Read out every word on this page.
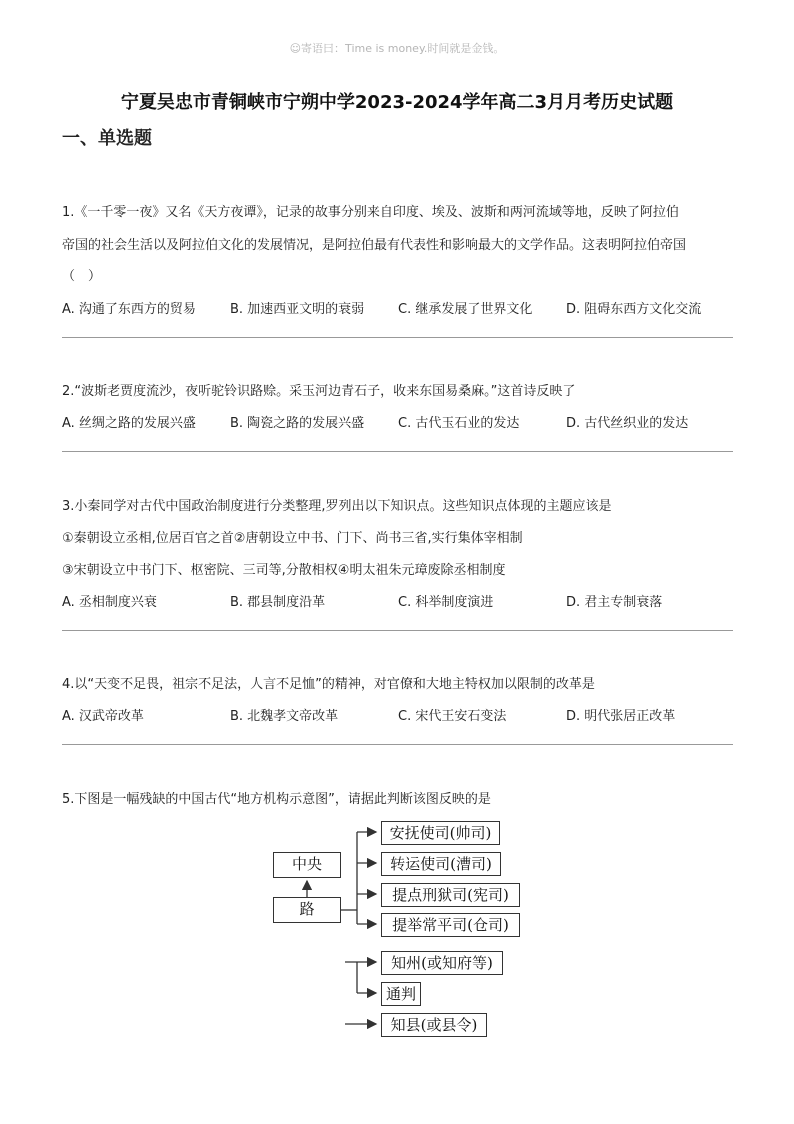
☺寄语曰：Time is money.时间就是金钱。
宁夏吴忠市青铜峡市宁朔中学2023-2024学年高二3月月考历史试题
一、单选题
1.《一千零一夜》又名《天方夜谭》，记录的故事分别来自印度、埃及、波斯和两河流域等地，反映了阿拉伯
帝国的社会生活以及阿拉伯文化的发展情况，是阿拉伯最有代表性和影响最大的文学作品。这表明阿拉伯帝国
（　）
A. 沟通了东西方的贸易	B. 加速西亚文明的衰弱	C. 继承发展了世界文化	D. 阻碍东西方文化交流
2.“波斯老贾度流沙，夜听驼铃识路赊。采玉河边青石子，收来东国易桑麻。”这首诗反映了
A. 丝绸之路的发展兴盛	B. 陶瓷之路的发展兴盛	C. 古代玉石业的发达	D. 古代丝织业的发达
3.小秦同学对古代中国政治制度进行分类整理,罗列出以下知识点。这些知识点体现的主题应该是
①秦朝设立丞相,位居百官之首②唐朝设立中书、门下、尚书三省,实行集体宰相制
③宋朝设立中书门下、枢密院、三司等,分散相权④明太祖朱元璋废除丞相制度
A. 丞相制度兴衰	B. 郡县制度沿革	C. 科举制度演进	D. 君主专制衰落
4.以“天变不足畏，祖宗不足法，人言不足恤”的精神，对官僚和大地主特权加以限制的改革是
A. 汉武帝改革	B. 北魏孝文帝改革	C. 宋代王安石变法	D. 明代张居正改革
5.下图是一幅残缺的中国古代“地方机构示意图”，请据此判断该图反映的是
中央
路
安抚使司(帅司)
转运使司(漕司)
提点刑狱司(宪司)
提举常平司(仓司)
知州(或知府等)
通判
知县(或县令)
